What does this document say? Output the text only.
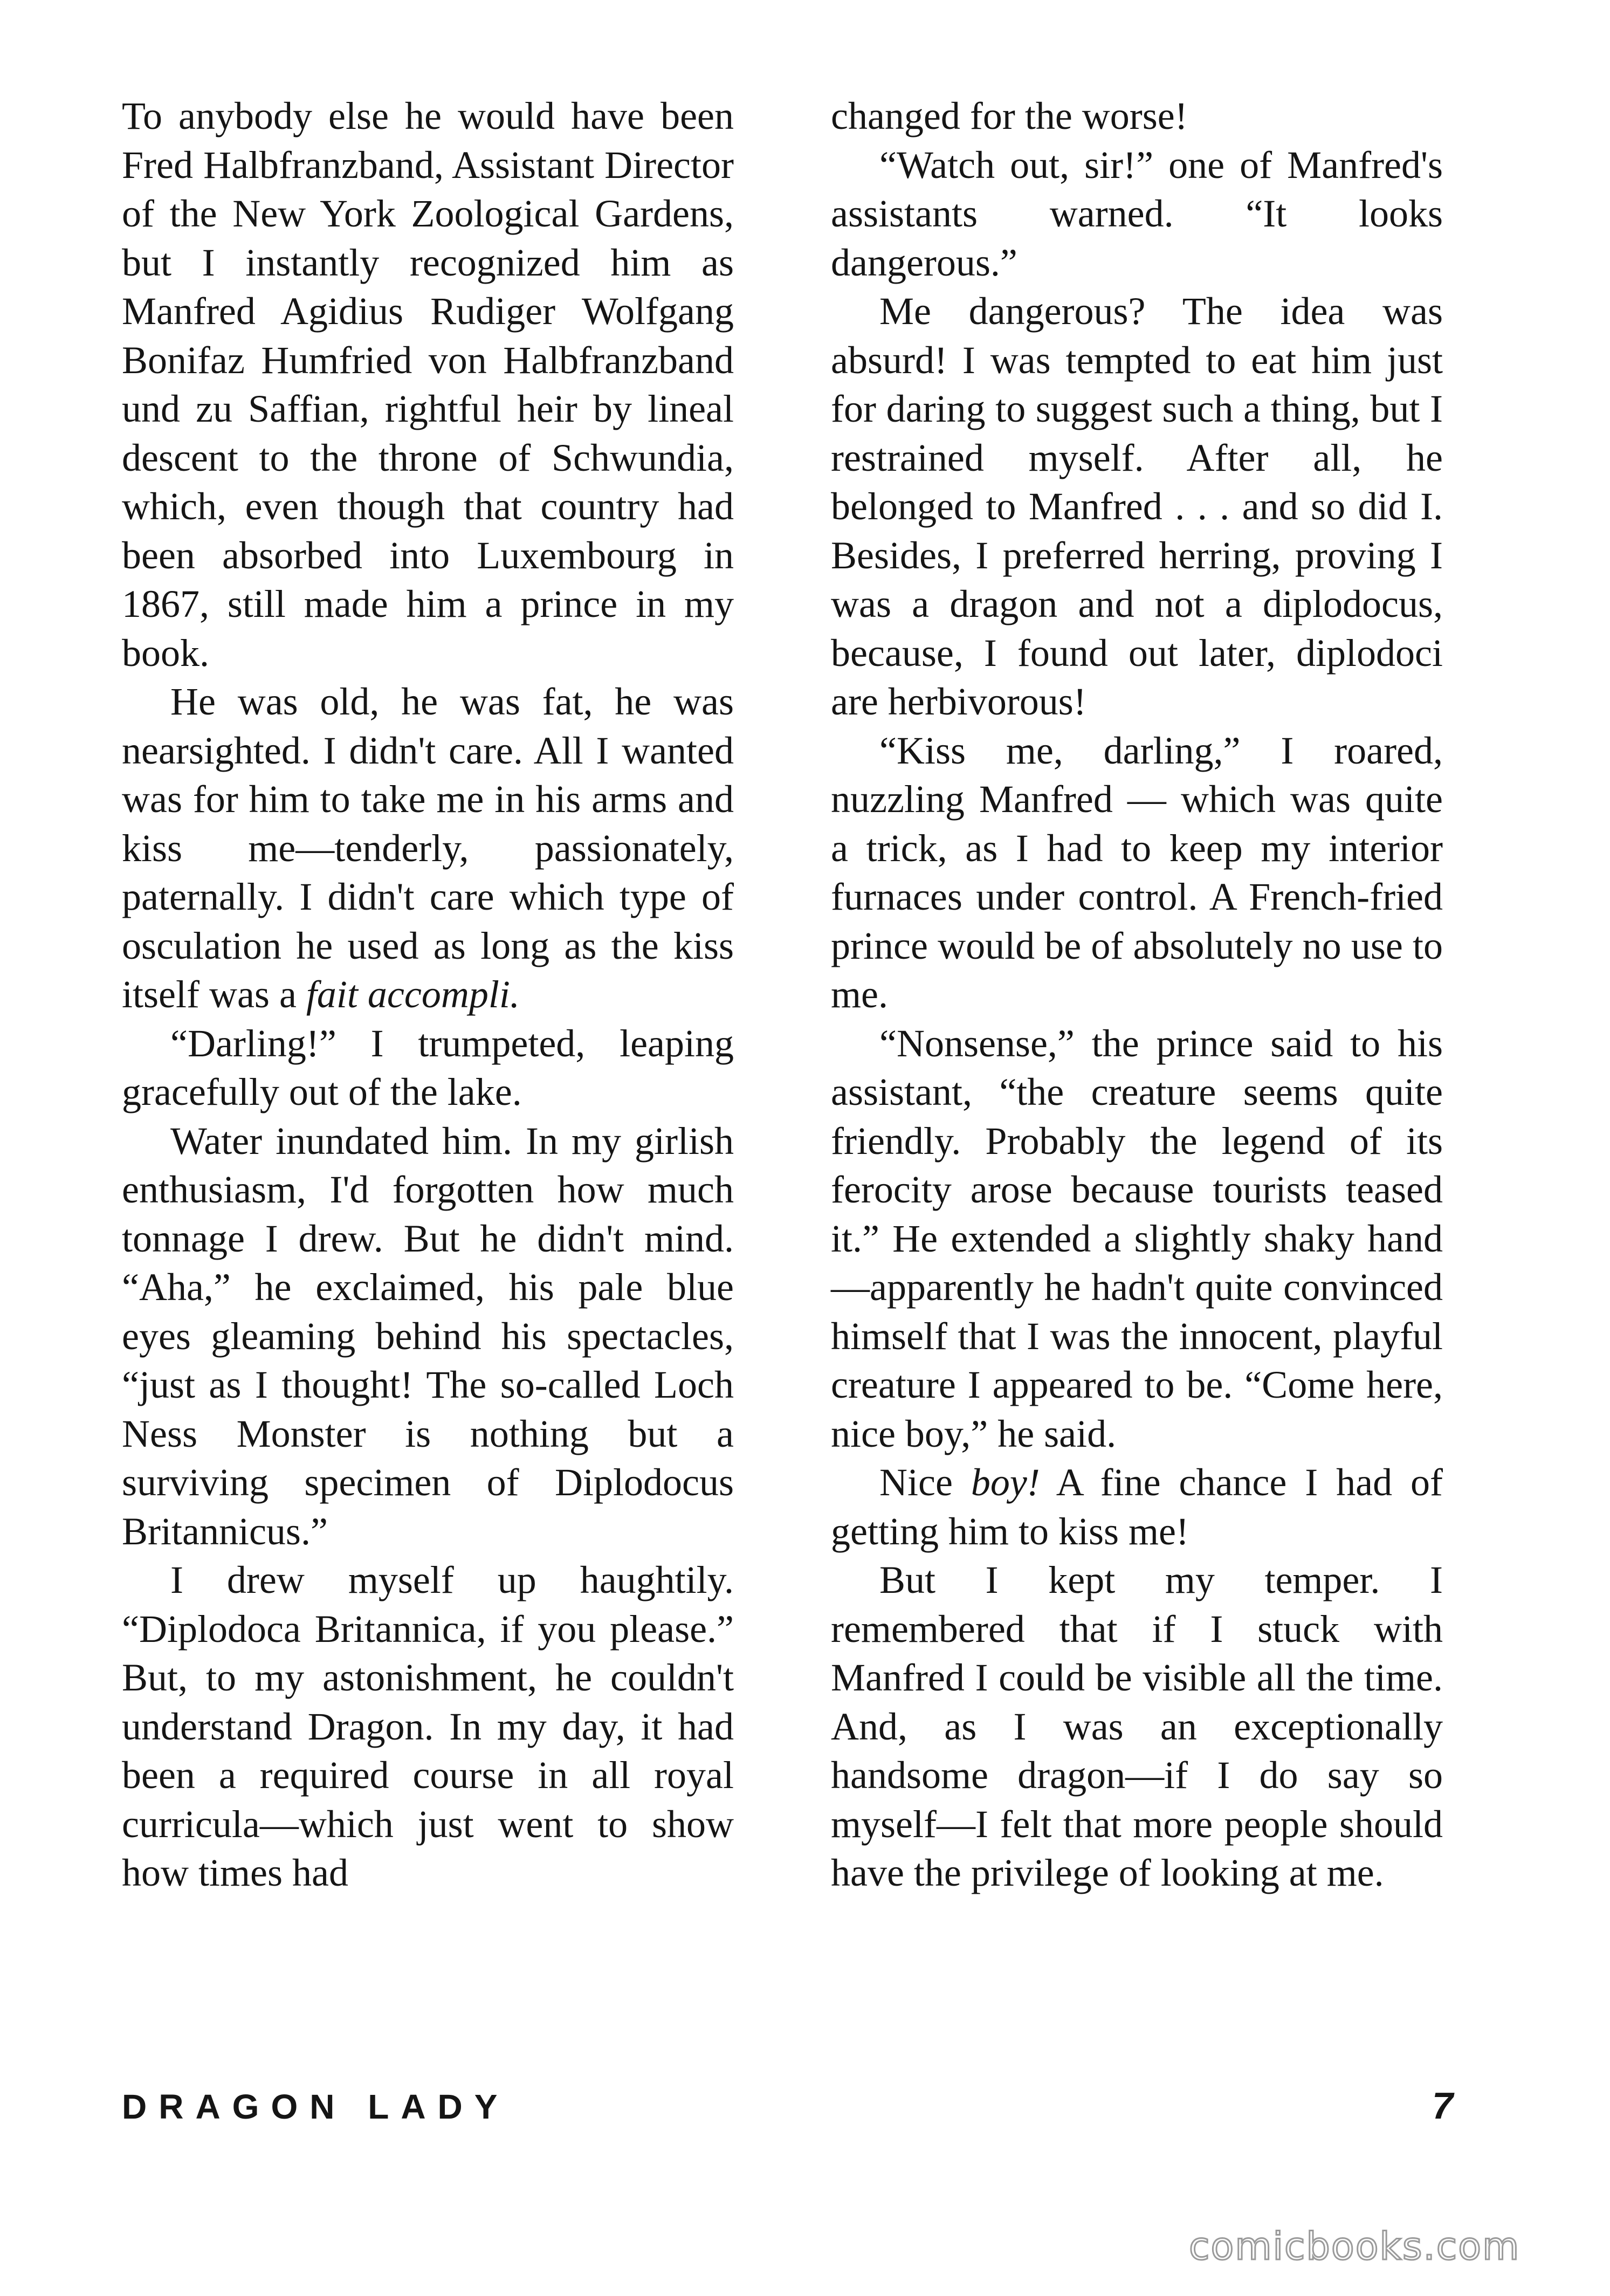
To anybody else he would have been Fred Halbfranzband, Assistant Director of the New York Zoological Gardens, but I instantly recognized him as Manfred Agidius Rudiger Wolfgang Bonifaz Humfried von Halbfranzband und zu Saffian, rightful heir by lineal descent to the throne of Schwundia, which, even though that country had been absorbed into Luxembourg in 1867, still made him a prince in my book.

He was old, he was fat, he was nearsighted. I didn't care. All I wanted was for him to take me in his arms and kiss me—tenderly, passionately, paternally. I didn't care which type of osculation he used as long as the kiss itself was a fait accompli.

“Darling!” I trumpeted, leaping gracefully out of the lake.

Water inundated him. In my girlish enthusiasm, I'd forgotten how much tonnage I drew. But he didn't mind. “Aha,” he exclaimed, his pale blue eyes gleaming behind his spectacles, “just as I thought! The so-called Loch Ness Monster is nothing but a surviving specimen of Diplodocus Britannicus.”

I drew myself up haughtily. “Diplodoca Britannica, if you please.” But, to my astonishment, he couldn't understand Dragon. In my day, it had been a required course in all royal curricula—which just went to show how times had

changed for the worse!

“Watch out, sir!” one of Manfred's assistants warned. “It looks dangerous.”

Me dangerous? The idea was absurd! I was tempted to eat him just for daring to suggest such a thing, but I restrained myself. After all, he belonged to Manfred . . . and so did I. Besides, I preferred herring, proving I was a dragon and not a diplodocus, because, I found out later, diplodoci are herbivorous!

“Kiss me, darling,” I roared, nuzzling Manfred — which was quite a trick, as I had to keep my interior furnaces under control. A French-fried prince would be of absolutely no use to me.

“Nonsense,” the prince said to his assistant, “the creature seems quite friendly. Probably the legend of its ferocity arose because tourists teased it.” He extended a slightly shaky hand—apparently he hadn't quite convinced himself that I was the innocent, playful creature I appeared to be. “Come here, nice boy,” he said.

Nice boy! A fine chance I had of getting him to kiss me!

But I kept my temper. I remembered that if I stuck with Manfred I could be visible all the time. And, as I was an exceptionally handsome dragon—if I do say so myself—I felt that more people should have the privilege of looking at me.

DRAGON LADY	7
comicbooks.com
